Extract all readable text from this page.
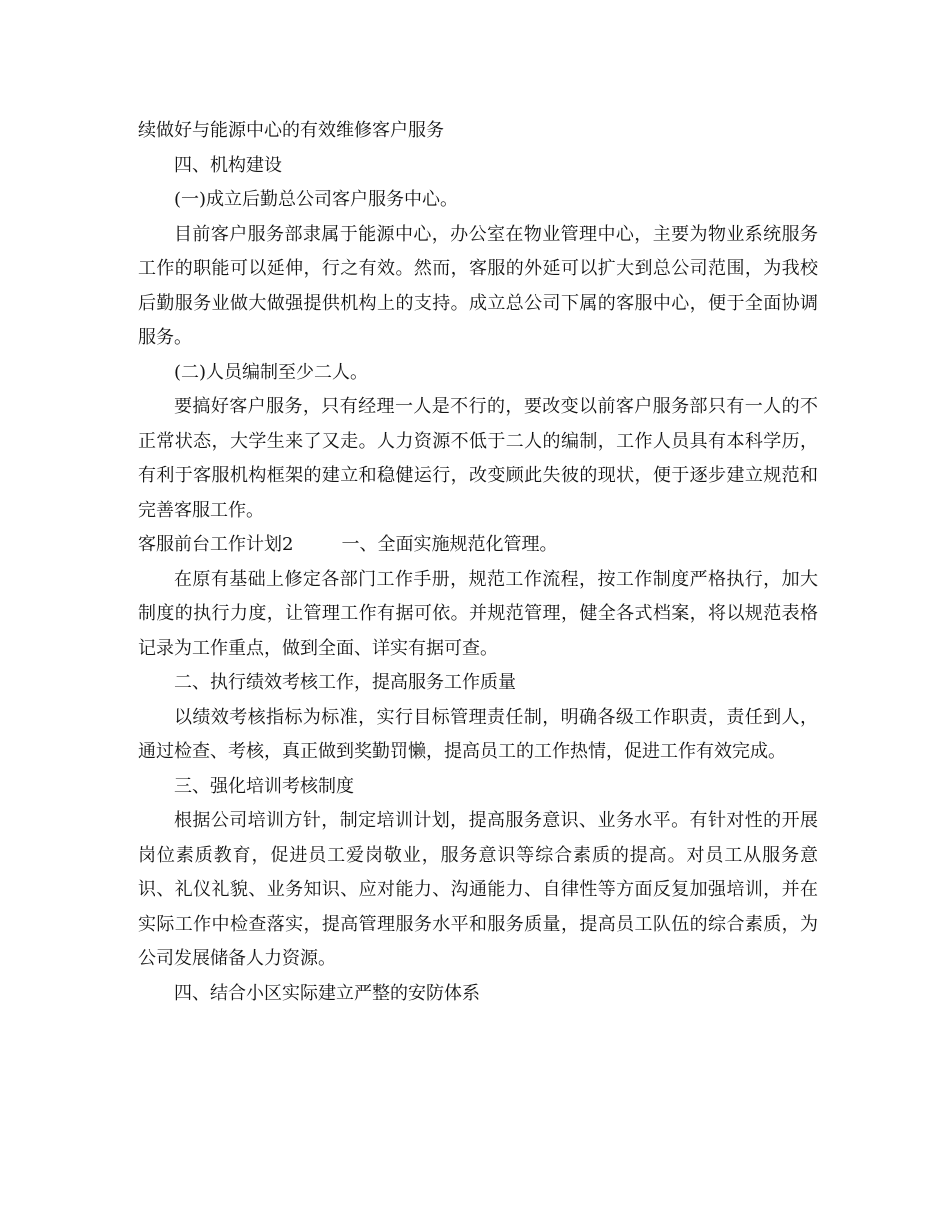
续做好与能源中心的有效维修客户服务

四、机构建设

(一)成立后勤总公司客户服务中心。

目前客户服务部隶属于能源中心，办公室在物业管理中心，主要为物业系统服务工作的职能可以延伸，行之有效。然而，客服的外延可以扩大到总公司范围，为我校后勤服务业做大做强提供机构上的支持。成立总公司下属的客服中心，便于全面协调服务。

(二)人员编制至少二人。

要搞好客户服务，只有经理一人是不行的，要改变以前客户服务部只有一人的不正常状态，大学生来了又走。人力资源不低于二人的编制，工作人员具有本科学历，有利于客服机构框架的建立和稳健运行，改变顾此失彼的现状，便于逐步建立规范和完善客服工作。

客服前台工作计划2	一、全面实施规范化管理。

在原有基础上修定各部门工作手册，规范工作流程，按工作制度严格执行，加大制度的执行力度，让管理工作有据可依。并规范管理，健全各式档案，将以规范表格记录为工作重点，做到全面、详实有据可查。

二、执行绩效考核工作，提高服务工作质量

以绩效考核指标为标准，实行目标管理责任制，明确各级工作职责，责任到人，通过检查、考核，真正做到奖勤罚懒，提高员工的工作热情，促进工作有效完成。

三、强化培训考核制度

根据公司培训方针，制定培训计划，提高服务意识、业务水平。有针对性的开展岗位素质教育，促进员工爱岗敬业，服务意识等综合素质的提高。对员工从服务意识、礼仪礼貌、业务知识、应对能力、沟通能力、自律性等方面反复加强培训，并在实际工作中检查落实，提高管理服务水平和服务质量，提高员工队伍的综合素质，为公司发展储备人力资源。

四、结合小区实际建立严整的安防体系
